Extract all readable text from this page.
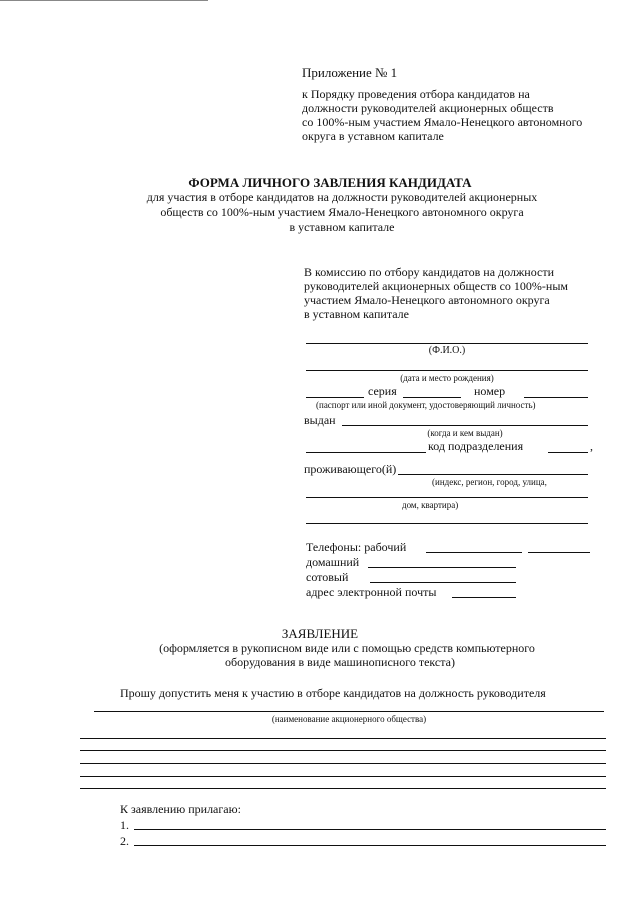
Приложение № 1
к Порядку проведения отбора кандидатов на
должности руководителей акционерных обществ
со 100%-ным участием Ямало-Ненецкого автономного
округа в уставном капитале
ФОРМА ЛИЧНОГО ЗАВЛЕНИЯ КАНДИДАТА
для участия в отборе кандидатов на должности руководителей акционерных
обществ со 100%-ным участием Ямало-Ненецкого автономного округа
в уставном капитале
В комиссию по отбору кандидатов на должности
руководителей акционерных обществ со 100%-ным
участием Ямало-Ненецкого автономного округа
в уставном капитале
(Ф.И.О.)
(дата и место рождения)
серия	номер
(паспорт или иной документ, удостоверяющий личность)
выдан
(когда и кем выдан)
код подразделения	,
проживающего(й)
(индекс, регион, город, улица,
дом, квартира)
Телефоны: рабочий
домашний
сотовый
адрес электронной почты
ЗАЯВЛЕНИЕ
(оформляется в рукописном виде или с помощью средств компьютерного
оборудования в виде машинописного текста)
Прошу допустить меня к участию в отборе кандидатов на должность руководителя
(наименование акционерного общества)
К заявлению прилагаю:
1.
2.
